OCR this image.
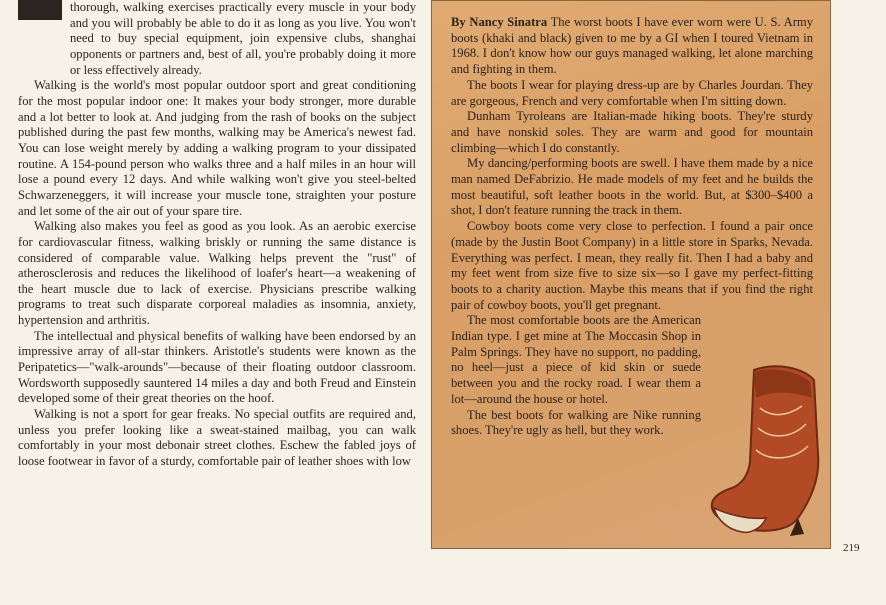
thorough, walking exercises practically every muscle in your body and you will probably be able to do it as long as you live. You won't need to buy special equipment, join expensive clubs, shanghai opponents or partners and, best of all, you're probably doing it more or less effectively already.

Walking is the world's most popular outdoor sport and great conditioning for the most popular indoor one: It makes your body stronger, more durable and a lot better to look at. And judging from the rash of books on the subject published during the past few months, walking may be America's newest fad. You can lose weight merely by adding a walking program to your dissipated routine. A 154-pound person who walks three and a half miles in an hour will lose a pound every 12 days. And while walking won't give you steel-belted Schwarzeneggers, it will increase your muscle tone, straighten your posture and let some of the air out of your spare tire.

Walking also makes you feel as good as you look. As an aerobic exercise for cardiovascular fitness, walking briskly or running the same distance is considered of comparable value. Walking helps prevent the "rust" of atherosclerosis and reduces the likelihood of loafer's heart—a weakening of the heart muscle due to lack of exercise. Physicians prescribe walking programs to treat such disparate corporeal maladies as insomnia, anxiety, hypertension and arthritis.

The intellectual and physical benefits of walking have been endorsed by an impressive array of all-star thinkers. Aristotle's students were known as the Peripatetics—"walk-arounds"—because of their floating outdoor classroom. Wordsworth supposedly sauntered 14 miles a day and both Freud and Einstein developed some of their great theories on the hoof.

Walking is not a sport for gear freaks. No special outfits are required and, unless you prefer looking like a sweat-stained mailbag, you can walk comfortably in your most debonair street clothes. Eschew the fabled joys of loose footwear in favor of a sturdy, comfortable pair of leather shoes with low

By Nancy Sinatra The worst boots I have ever worn were U. S. Army boots (khaki and black) given to me by a GI when I toured Vietnam in 1968. I don't know how our guys managed walking, let alone marching and fighting in them.

The boots I wear for playing dress-up are by Charles Jourdan. They are gorgeous, French and very comfortable when I'm sitting down.

Dunham Tyroleans are Italian-made hiking boots. They're sturdy and have nonskid soles. They are warm and good for mountain climbing—which I do constantly.

My dancing/performing boots are swell. I have them made by a nice man named DeFabrizio. He made models of my feet and he builds the most beautiful, soft leather boots in the world. But, at $300–$400 a shot, I don't feature running the track in them.

Cowboy boots come very close to perfection. I found a pair once (made by the Justin Boot Company) in a little store in Sparks, Nevada. Everything was perfect. I mean, they really fit. Then I had a baby and my feet went from size five to size six—so I gave my perfect-fitting boots to a charity auction. Maybe this means that if you find the right pair of cowboy boots, you'll get pregnant.

The most comfortable boots are the American Indian type. I get mine at The Moccasin Shop in Palm Springs. They have no support, no padding, no heel—just a piece of kid skin or suede between you and the rocky road. I wear them a lot—around the house or hotel.

The best boots for walking are Nike running shoes. They're ugly as hell, but they work.

219
